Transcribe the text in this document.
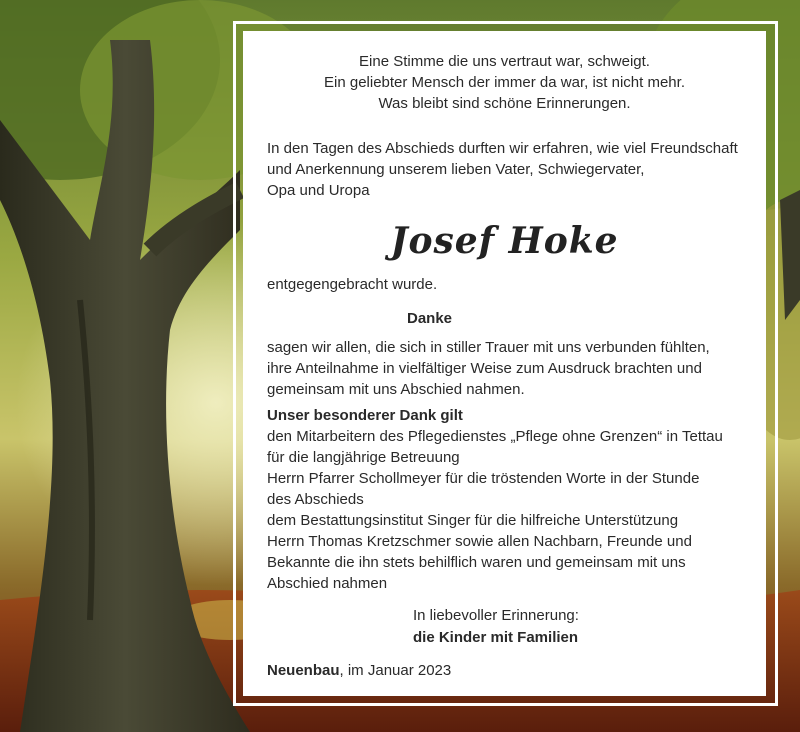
Eine Stimme die uns vertraut war, schweigt.
Ein geliebter Mensch der immer da war, ist nicht mehr.
Was bleibt sind schöne Erinnerungen.
In den Tagen des Abschieds durften wir erfahren, wie viel Freundschaft
und Anerkennung unserem lieben Vater, Schwiegervater,
Opa und Uropa
Josef Hoke
entgegengebracht wurde.
Danke
sagen wir allen, die sich in stiller Trauer mit uns verbunden fühlten,
ihre Anteilnahme in vielfältiger Weise zum Ausdruck brachten und
gemeinsam mit uns Abschied nahmen.
Unser besonderer Dank gilt
den Mitarbeitern des Pflegedienstes „Pflege ohne Grenzen“ in Tettau
für die langjährige Betreuung
Herrn Pfarrer Schollmeyer für die tröstenden Worte in der Stunde
des Abschieds
dem Bestattungsinstitut Singer für die hilfreiche Unterstützung
Herrn Thomas Kretzschmer sowie allen Nachbarn, Freunde und
Bekannte die ihn stets behilflich waren und gemeinsam mit uns
Abschied nahmen
In liebevoller Erinnerung:
die Kinder mit Familien
Neuenbau, im Januar 2023
